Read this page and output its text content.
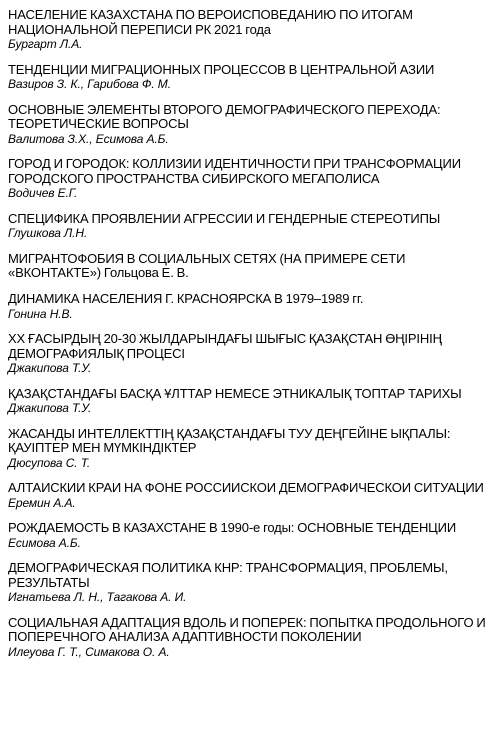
НАСЕЛЕНИЕ КАЗАХСТАНА ПО ВЕРОИСПОВЕДАНИЮ ПО ИТОГАМ НАЦИОНАЛЬНОЙ ПЕРЕПИСИ РК 2021 года
Бургарт Л.А.
ТЕНДЕНЦИИ МИГРАЦИОННЫХ ПРОЦЕССОВ В ЦЕНТРАЛЬНОЙ АЗИИ
Вазиров З. К., Гарибова Ф. М.
ОСНОВНЫЕ ЭЛЕМЕНТЫ ВТОРОГО ДЕМОГРАФИЧЕСКОГО ПЕРЕХОДА: ТЕОРЕТИЧЕСКИЕ ВОПРОСЫ
Валитова З.Х., Есимова А.Б.
ГОРОД И ГОРОДОК: КОЛЛИЗИИ ИДЕНТИЧНОСТИ ПРИ ТРАНСФОРМАЦИИ ГОРОДСКОГО ПРОСТРАНСТВА СИБИРСКОГО МЕГАПОЛИСА
Водичев Е.Г.
СПЕЦИФИКА ПРОЯВЛЕНИИ АГРЕССИИ И ГЕНДЕРНЫЕ СТЕРЕОТИПЫ
Глушкова Л.Н.
МИГРАНТОФОБИЯ В СОЦИАЛЬНЫХ СЕТЯХ (НА ПРИМЕРЕ СЕТИ «ВКОНТАКТЕ») Гольцова Е. В.
ДИНАМИКА НАСЕЛЕНИЯ Г. КРАСНОЯРСКА В 1979–1989 гг.
Гонина Н.В.
XX ҒАСЫРДЫҢ 20-30 ЖЫЛДАРЫНДАҒЫ ШЫҒЫС ҚАЗАҚСТАН ӨҢІРІНІҢ ДЕМОГРАФИЯЛЫҚ ПРОЦЕСІ
Джакипова Т.У.
ҚАЗАҚСТАНДАҒЫ БАСҚА ҰЛТТАР НЕМЕСЕ ЭТНИКАЛЫҚ ТОПТАР ТАРИХЫ
Джакипова Т.У.
ЖАСАНДЫ ИНТЕЛЛЕКТТІҢ ҚАЗАҚСТАНДАҒЫ ТУУ ДЕҢГЕЙІНЕ ЫҚПАЛЫ: ҚАУІПТЕР МЕН МҮМКІНДІКТЕР
Дюсупова С. Т.
АЛТАИСКИИ КРАИ НА ФОНЕ РОССИИСКОИ ДЕМОГРАФИЧЕСКОИ СИТУАЦИИ
Еремин А.А.
РОЖДАЕМОСТЬ В КАЗАХСТАНЕ В 1990-е годы: ОСНОВНЫЕ ТЕНДЕНЦИИ
Есимова А.Б.
ДЕМОГРАФИЧЕСКАЯ ПОЛИТИКА КНР: ТРАНСФОРМАЦИЯ, ПРОБЛЕМЫ, РЕЗУЛЬТАТЫ
Игнатьева Л. Н., Тагакова А. И.
СОЦИАЛЬНАЯ АДАПТАЦИЯ ВДОЛЬ И ПОПЕРЕК: ПОПЫТКА ПРОДОЛЬНОГО И ПОПЕРЕЧНОГО АНАЛИЗА АДАПТИВНОСТИ ПОКОЛЕНИИ
Илеуова Г. Т., Симакова О. А.
